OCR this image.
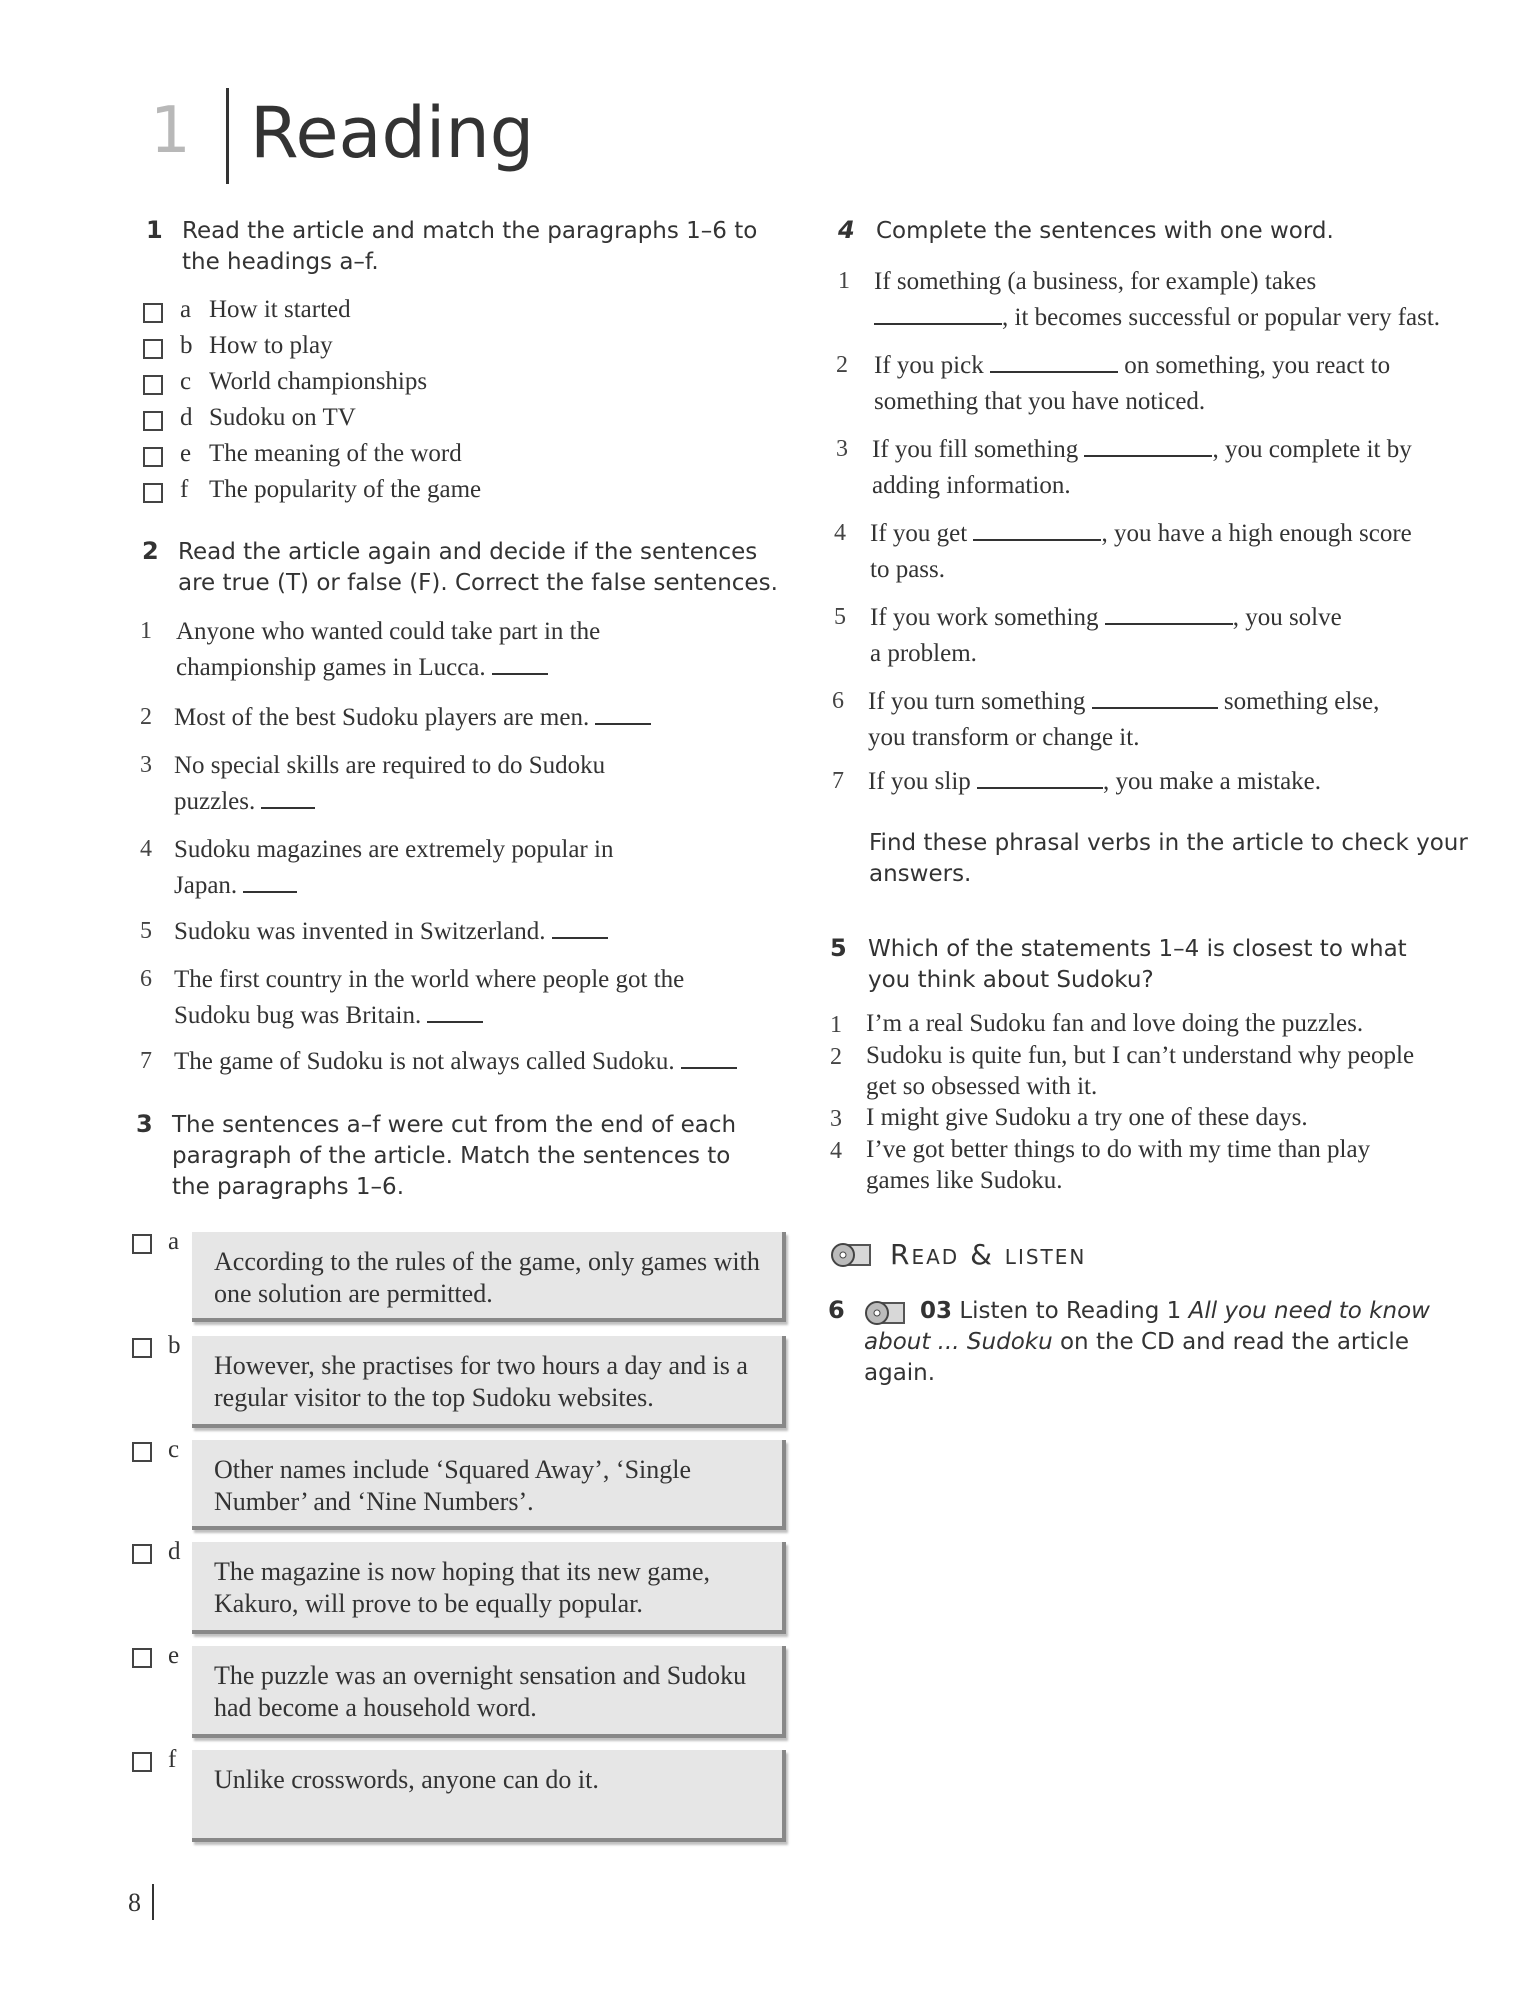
1 Reading
1 Read the article and match the paragraphs 1–6 to the headings a–f.
a How it started
b How to play
c World championships
d Sudoku on TV
e The meaning of the word
f The popularity of the game
2 Read the article again and decide if the sentences are true (T) or false (F). Correct the false sentences.
1 Anyone who wanted could take part in the
championship games in Lucca.
2 Most of the best Sudoku players are men.
3 No special skills are required to do Sudoku
puzzles.
4 Sudoku magazines are extremely popular in
Japan.
5 Sudoku was invented in Switzerland.
6 The first country in the world where people got the
Sudoku bug was Britain.
7 The game of Sudoku is not always called Sudoku.
3 The sentences a–f were cut from the end of each paragraph of the article. Match the sentences to the paragraphs 1–6.
a
According to the rules of the game, only games with one solution are permitted.
b
However, she practises for two hours a day and is a regular visitor to the top Sudoku websites.
c
Other names include ‘Squared Away’, ‘Single Number’ and ‘Nine Numbers’.
d
The magazine is now hoping that its new game, Kakuro, will prove to be equally popular.
e
The puzzle was an overnight sensation and Sudoku had become a household word.
f
Unlike crosswords, anyone can do it.
4 Complete the sentences with one word.
1 If something (a business, for example) takes
, it becomes successful or popular very fast.
2 If you pick	on something, you react to
something that you have noticed.
3 If you fill something	, you complete it by
adding information.
4 If you get	, you have a high enough score
to pass.
5 If you work something	, you solve
a problem.
6 If you turn something	something else,
you transform or change it.
7 If you slip	, you make a mistake.
Find these phrasal verbs in the article to check your answers.
5 Which of the statements 1–4 is closest to what you think about Sudoku?
1 I’m a real Sudoku fan and love doing the puzzles.
2 Sudoku is quite fun, but I can’t understand why people
get so obsessed with it.
3 I might give Sudoku a try one of these days.
4 I’ve got better things to do with my time than play
games like Sudoku.
Read & listen
6	03 Listen to Reading 1 All you need to know about ... Sudoku on the CD and read the article again.
8
